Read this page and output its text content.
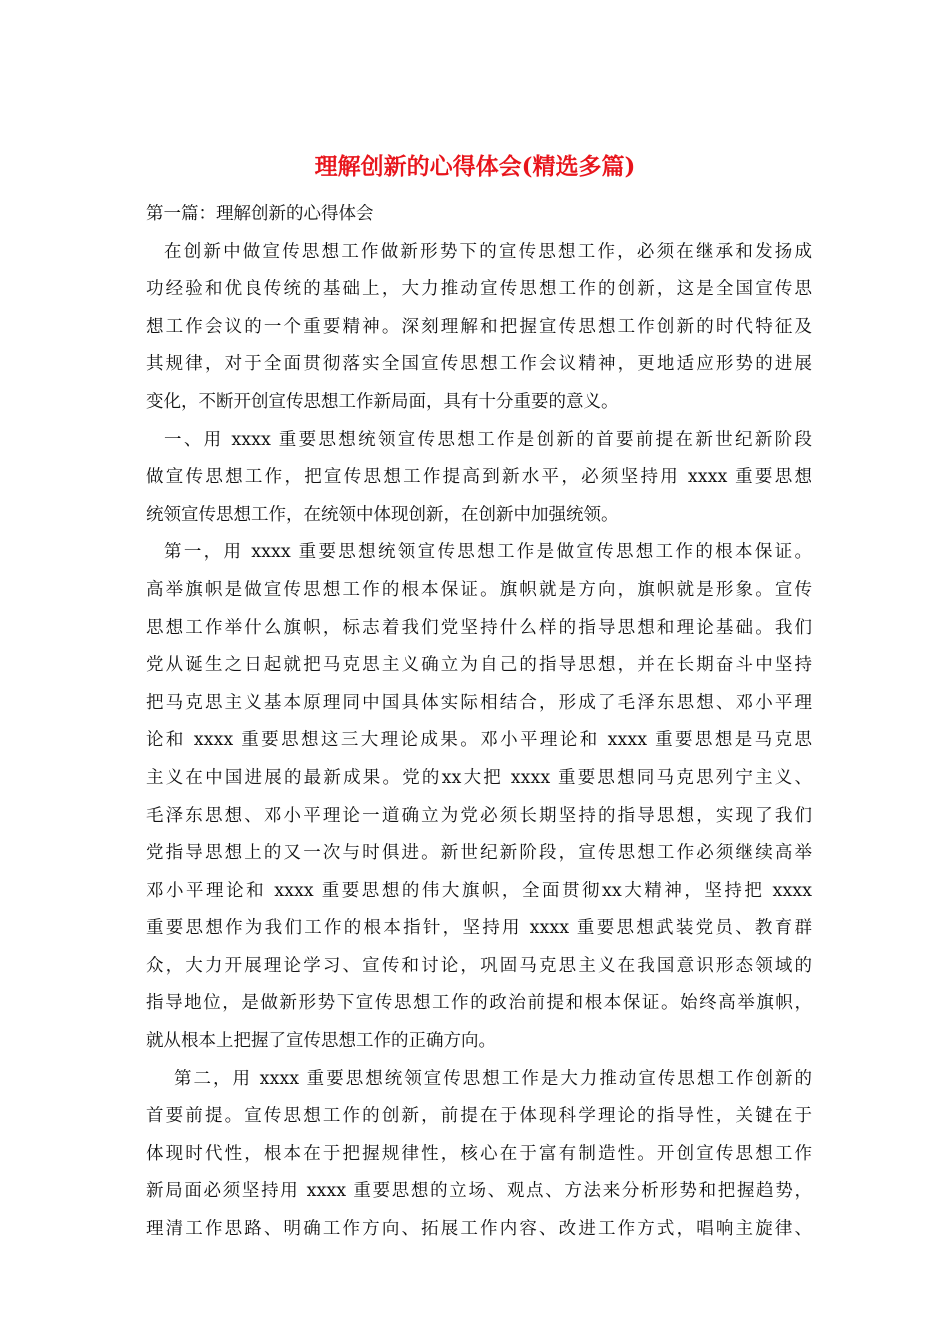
理解创新的心得体会(精选多篇)
第一篇：理解创新的心得体会
在创新中做宣传思想工作做新形势下的宣传思想工作，必须在继承和发扬成
功经验和优良传统的基础上，大力推动宣传思想工作的创新，这是全国宣传思
想工作会议的一个重要精神。深刻理解和把握宣传思想工作创新的时代特征及
其规律，对于全面贯彻落实全国宣传思想工作会议精神，更地适应形势的进展
变化，不断开创宣传思想工作新局面，具有十分重要的意义。
一、用 xxxx 重要思想统领宣传思想工作是创新的首要前提在新世纪新阶段
做宣传思想工作，把宣传思想工作提高到新水平，必须坚持用 xxxx 重要思想
统领宣传思想工作，在统领中体现创新，在创新中加强统领。
第一，用 xxxx 重要思想统领宣传思想工作是做宣传思想工作的根本保证。
高举旗帜是做宣传思想工作的根本保证。旗帜就是方向，旗帜就是形象。宣传
思想工作举什么旗帜，标志着我们党坚持什么样的指导思想和理论基础。我们
党从诞生之日起就把马克思主义确立为自己的指导思想，并在长期奋斗中坚持
把马克思主义基本原理同中国具体实际相结合，形成了毛泽东思想、邓小平理
论和 xxxx 重要思想这三大理论成果。邓小平理论和 xxxx 重要思想是马克思
主义在中国进展的最新成果。党的xx大把 xxxx 重要思想同马克思列宁主义、
毛泽东思想、邓小平理论一道确立为党必须长期坚持的指导思想，实现了我们
党指导思想上的又一次与时俱进。新世纪新阶段，宣传思想工作必须继续高举
邓小平理论和 xxxx 重要思想的伟大旗帜，全面贯彻xx大精神，坚持把 xxxx
重要思想作为我们工作的根本指针，坚持用 xxxx 重要思想武装党员、教育群
众，大力开展理论学习、宣传和讨论，巩固马克思主义在我国意识形态领域的
指导地位，是做新形势下宣传思想工作的政治前提和根本保证。始终高举旗帜，
就从根本上把握了宣传思想工作的正确方向。
第二，用 xxxx 重要思想统领宣传思想工作是大力推动宣传思想工作创新的
首要前提。宣传思想工作的创新，前提在于体现科学理论的指导性，关键在于
体现时代性，根本在于把握规律性，核心在于富有制造性。开创宣传思想工作
新局面必须坚持用 xxxx 重要思想的立场、观点、方法来分析形势和把握趋势，
理清工作思路、明确工作方向、拓展工作内容、改进工作方式，唱响主旋律、
